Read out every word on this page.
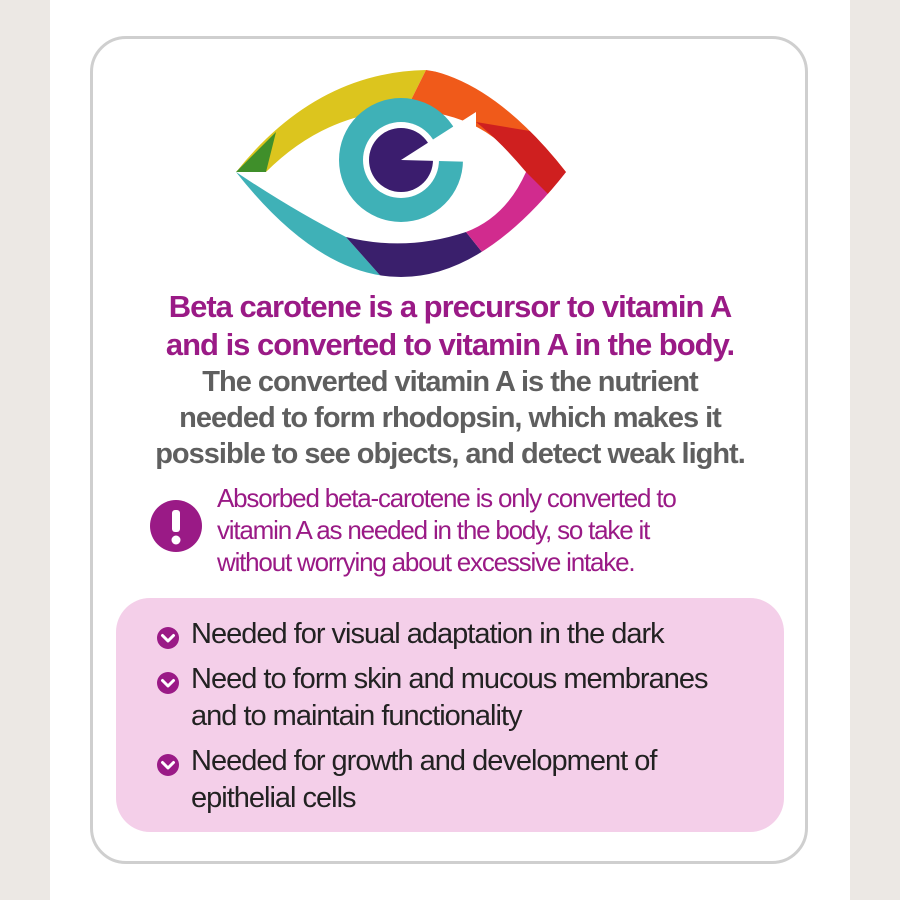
Beta carotene is a precursor to vitamin A
and is converted to vitamin A in the body.
The converted vitamin A is the nutrient
needed to form rhodopsin, which makes it
possible to see objects, and detect weak light.
Absorbed beta-carotene is only converted to
vitamin A as needed in the body, so take it
without worrying about excessive intake.
Needed for visual adaptation in the dark
Need to form skin and mucous membranes
and to maintain functionality
Needed for growth and development of
epithelial cells
